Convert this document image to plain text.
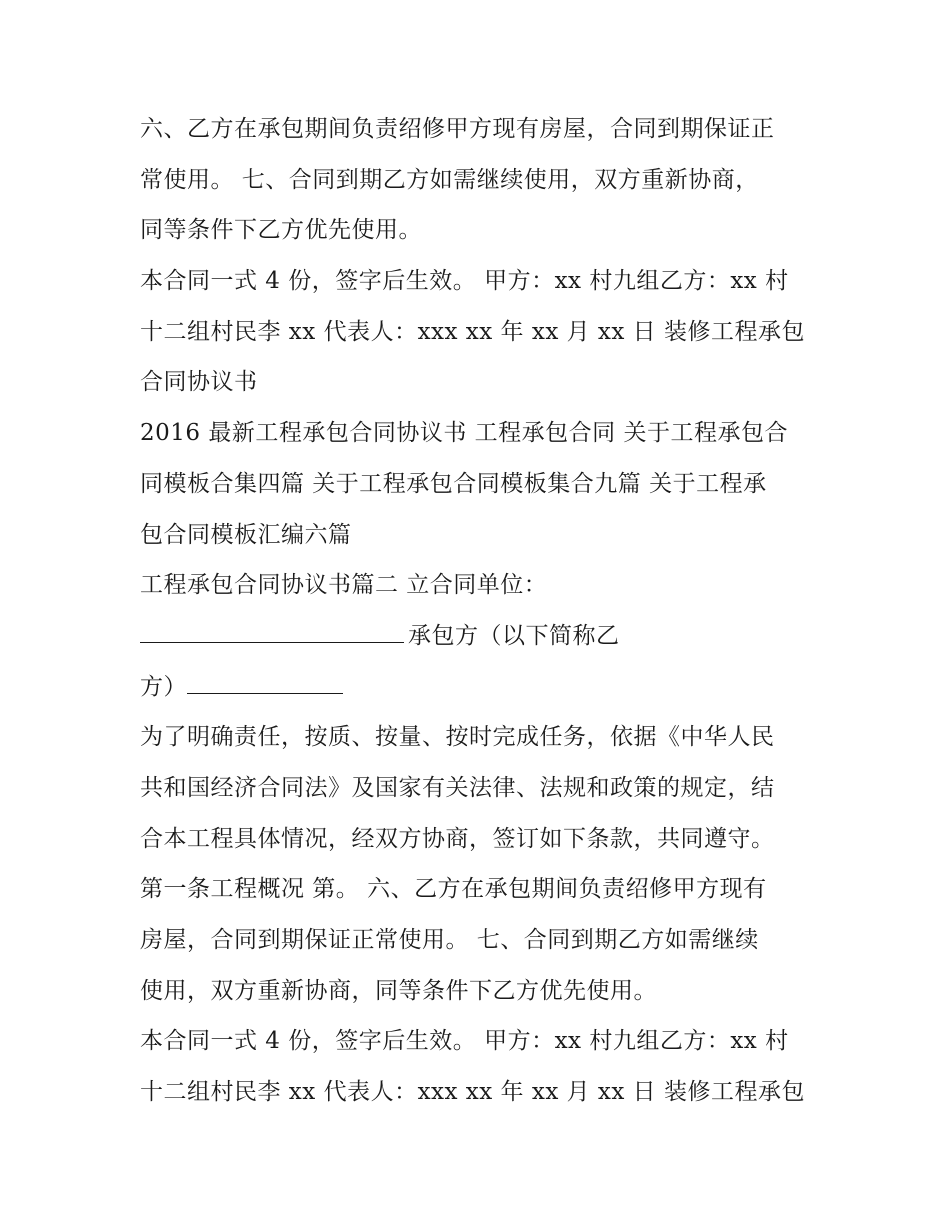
六、乙方在承包期间负责绍修甲方现有房屋，合同到期保证正
常使用。 七、合同到期乙方如需继续使用，双方重新协商，
同等条件下乙方优先使用。
本合同一式 4 份，签字后生效。 甲方：xx 村九组乙方：xx 村
十二组村民李 xx 代表人：xxx xx 年 xx 月 xx 日 装修工程承包
合同协议书
2016 最新工程承包合同协议书 工程承包合同 关于工程承包合
同模板合集四篇 关于工程承包合同模板集合九篇 关于工程承
包合同模板汇编六篇
工程承包合同协议书篇二 立合同单位：
承包方（以下简称乙
方）
为了明确责任，按质、按量、按时完成任务，依据《中华人民
共和国经济合同法》及国家有关法律、法规和政策的规定，结
合本工程具体情况，经双方协商，签订如下条款，共同遵守。
第一条工程概况 第。 六、乙方在承包期间负责绍修甲方现有
房屋，合同到期保证正常使用。 七、合同到期乙方如需继续
使用，双方重新协商，同等条件下乙方优先使用。
本合同一式 4 份，签字后生效。 甲方：xx 村九组乙方：xx 村
十二组村民李 xx 代表人：xxx xx 年 xx 月 xx 日 装修工程承包
